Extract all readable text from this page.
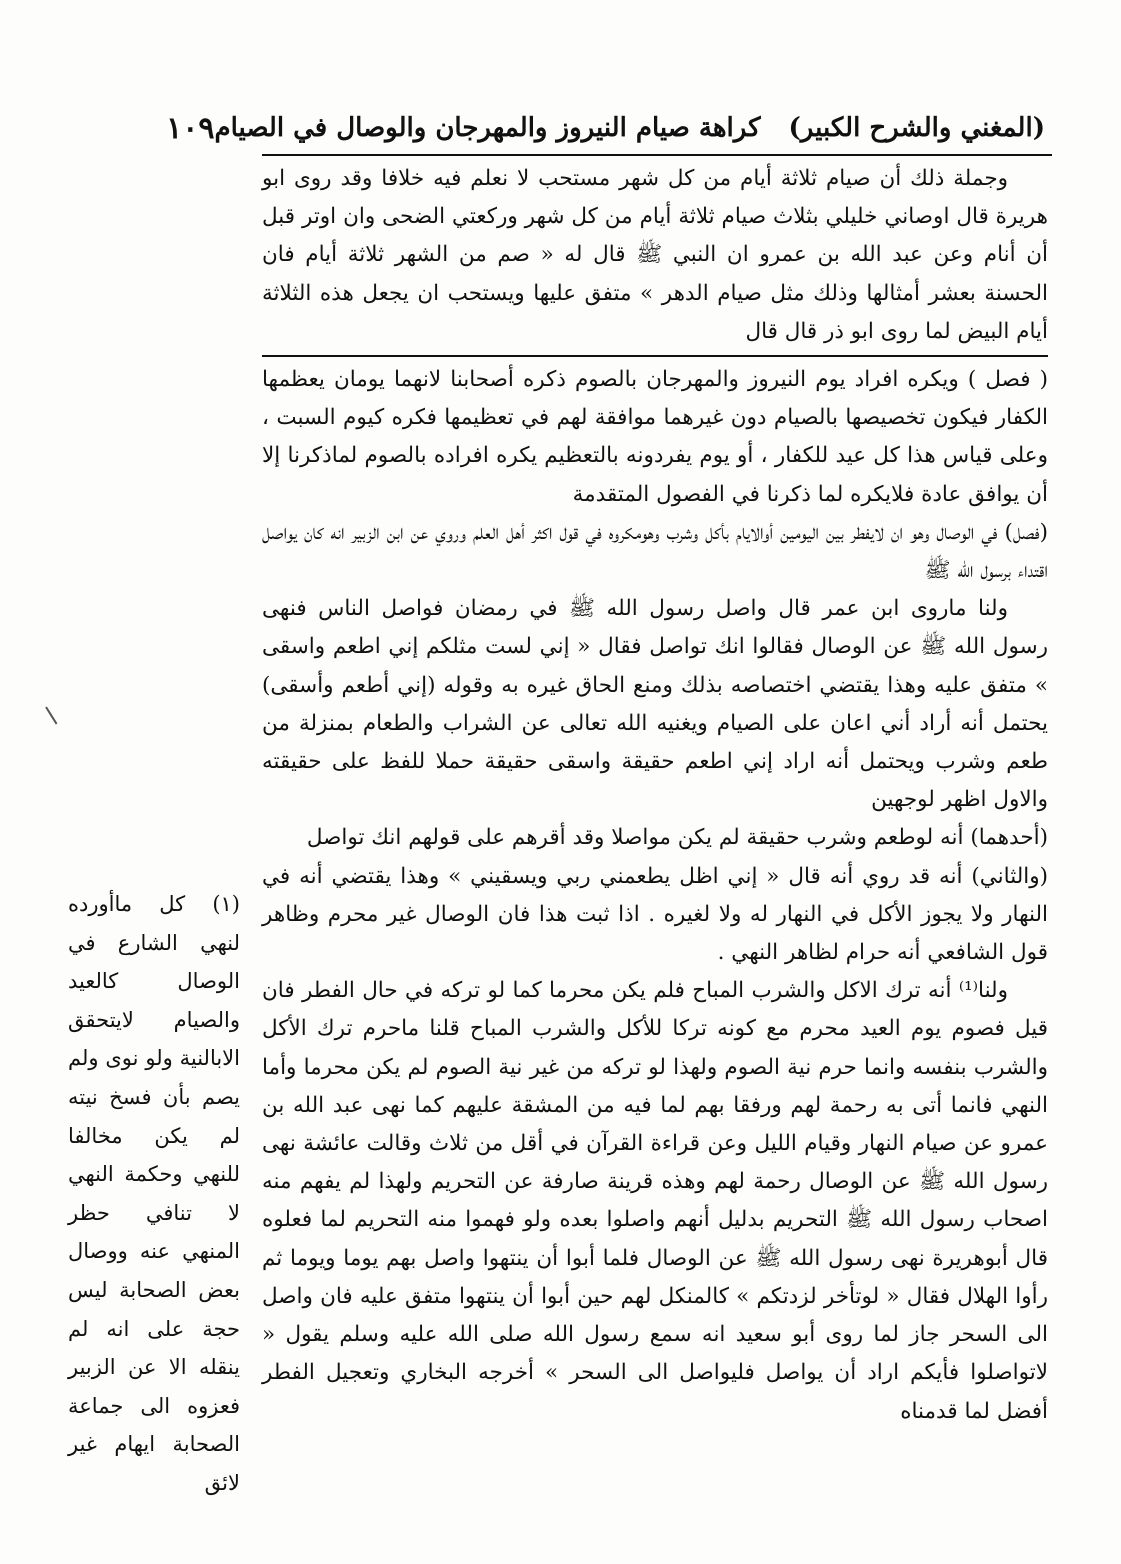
(المغني والشرح الكبير)
كراهة صيام النيروز والمهرجان والوصال في الصيام
١٠٩

وجملة ذلك أن صيام ثلاثة أيام من كل شهر مستحب لا نعلم فيه خلافا وقد روى ابو هريرة قال اوصاني خليلي بثلاث صيام ثلاثة أيام من كل شهر وركعتي الضحى وان اوتر قبل أن أنام وعن عبد الله بن عمرو ان النبي ﷺ قال له « صم من الشهر ثلاثة أيام فان الحسنة بعشر أمثالها وذلك مثل صيام الدهر » متفق عليها ويستحب ان يجعل هذه الثلاثة أيام البيض لما روى ابو ذر قال قال

( فصل ) ويكره افراد يوم النيروز والمهرجان بالصوم ذكره أصحابنا لانهما يومان يعظمها الكفار فيكون تخصيصها بالصيام دون غيرهما موافقة لهم في تعظيمها فكره كيوم السبت ، وعلى قياس هذا كل عيد للكفار ، أو يوم يفردونه بالتعظيم يكره افراده بالصوم لماذكرنا إلا أن يوافق عادة فلايكره لما ذكرنا في الفصول المتقدمة

(فصل) في الوصال وهو ان لايفطر بين اليومين أوالايام بأكل وشرب وهومكروه في قول اكثر أهل العلم وروي عن ابن الزبير انه كان يواصل اقتداء برسول الله ﷺ

ولنا ماروى ابن عمر قال واصل رسول الله ﷺ في رمضان فواصل الناس فنهى رسول الله ﷺ عن الوصال فقالوا انك تواصل فقال « إني لست مثلكم إني اطعم واسقى » متفق عليه وهذا يقتضي اختصاصه بذلك ومنع الحاق غيره به وقوله (إني أطعم وأسقى) يحتمل أنه أراد أني اعان على الصيام ويغنيه الله تعالى عن الشراب والطعام بمنزلة من طعم وشرب ويحتمل أنه اراد إني اطعم حقيقة واسقى حقيقة حملا للفظ على حقيقته والاول اظهر لوجهين

(أحدهما) أنه لوطعم وشرب حقيقة لم يكن مواصلا وقد أقرهم على قولهم انك تواصل

(والثاني) أنه قد روي أنه قال « إني اظل يطعمني ربي ويسقيني » وهذا يقتضي أنه في النهار ولا يجوز الأكل في النهار له ولا لغيره . اذا ثبت هذا فان الوصال غير محرم وظاهر قول الشافعي أنه حرام لظاهر النهي .

ولنا⁽¹⁾ أنه ترك الاكل والشرب المباح فلم يكن محرما كما لو تركه في حال الفطر فان قيل فصوم يوم العيد محرم مع كونه تركا للأكل والشرب المباح قلنا ماحرم ترك الأكل والشرب بنفسه وانما حرم نية الصوم ولهذا لو تركه من غير نية الصوم لم يكن محرما وأما النهي فانما أتى به رحمة لهم ورفقا بهم لما فيه من المشقة عليهم كما نهى عبد الله بن عمرو عن صيام النهار وقيام الليل وعن قراءة القرآن في أقل من ثلاث وقالت عائشة نهى رسول الله ﷺ عن الوصال رحمة لهم وهذه قرينة صارفة عن التحريم ولهذا لم يفهم منه اصحاب رسول الله ﷺ التحريم بدليل أنهم واصلوا بعده ولو فهموا منه التحريم لما فعلوه قال أبوهريرة نهى رسول الله ﷺ عن الوصال فلما أبوا أن ينتهوا واصل بهم يوما ويوما ثم رأوا الهلال فقال « لوتأخر لزدتكم » كالمنكل لهم حين أبوا أن ينتهوا متفق عليه فان واصل الى السحر جاز لما روى أبو سعيد انه سمع رسول الله صلى الله عليه وسلم يقول « لاتواصلوا فأيكم اراد أن يواصل فليواصل الى السحر » أخرجه البخاري وتعجيل الفطر أفضل لما قدمناه

(١) كل ماأورده لنهي الشارع في الوصال كالعيد والصيام لايتحقق الابالنية ولو نوى ولم يصم بأن فسخ نيته لم يكن مخالفا للنهي وحكمة النهي لا تنافي حظر المنهي عنه ووصال بعض الصحابة ليس حجة على انه لم ينقله الا عن الزبير فعزوه الى جماعة الصحابة ايهام غير لائق
